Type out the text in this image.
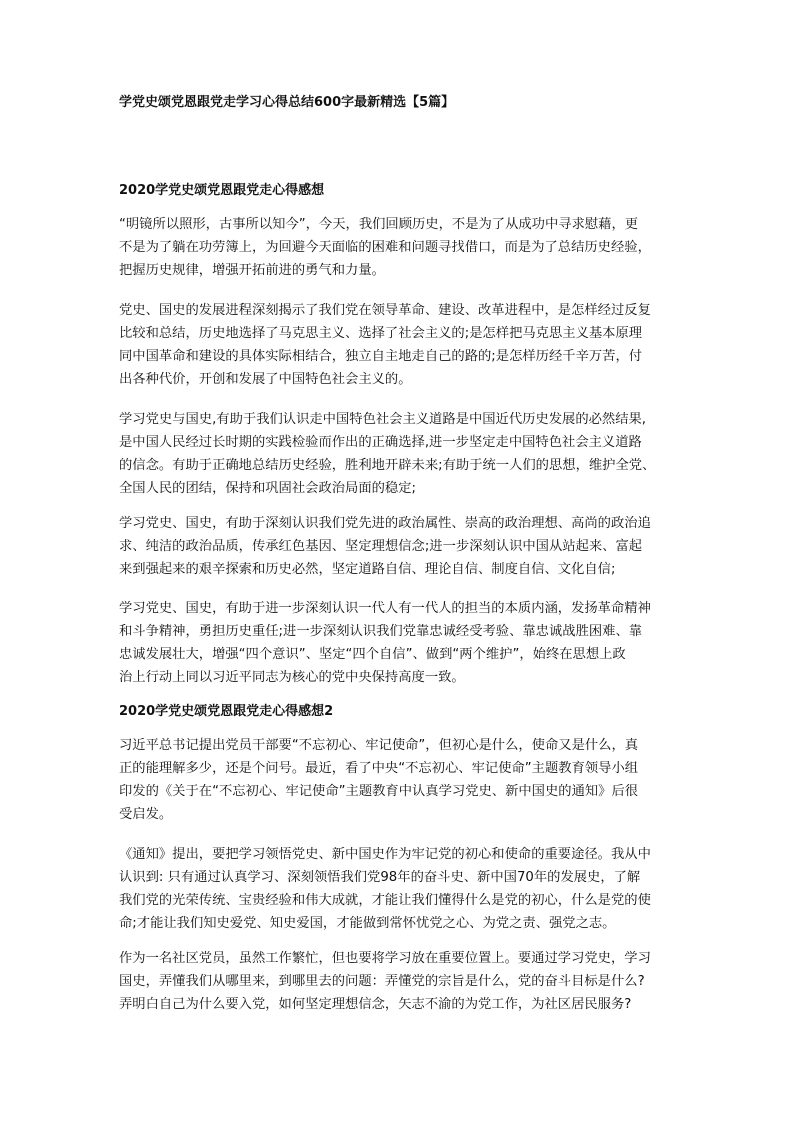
学党史颂党恩跟党走学习心得总结600字最新精选【5篇】
2020学党史颂党恩跟党走心得感想
“明镜所以照形，古事所以知今”，今天，我们回顾历史，不是为了从成功中寻求慰藉，更
不是为了躺在功劳簿上，为回避今天面临的困难和问题寻找借口，而是为了总结历史经验，
把握历史规律，增强开拓前进的勇气和力量。
党史、国史的发展进程深刻揭示了我们党在领导革命、建设、改革进程中，是怎样经过反复
比较和总结，历史地选择了马克思主义、选择了社会主义的;是怎样把马克思主义基本原理
同中国革命和建设的具体实际相结合，独立自主地走自己的路的;是怎样历经千辛万苦，付
出各种代价，开创和发展了中国特色社会主义的。
学习党史与国史,有助于我们认识走中国特色社会主义道路是中国近代历史发展的必然结果,
是中国人民经过长时期的实践检验而作出的正确选择,进一步坚定走中国特色社会主义道路
的信念。有助于正确地总结历史经验，胜利地开辟未来;有助于统一人们的思想，维护全党、
全国人民的团结，保持和巩固社会政治局面的稳定;
学习党史、国史，有助于深刻认识我们党先进的政治属性、崇高的政治理想、高尚的政治追
求、纯洁的政治品质，传承红色基因、坚定理想信念;进一步深刻认识中国从站起来、富起
来到强起来的艰辛探索和历史必然，坚定道路自信、理论自信、制度自信、文化自信;
学习党史、国史，有助于进一步深刻认识一代人有一代人的担当的本质内涵，发扬革命精神
和斗争精神，勇担历史重任;进一步深刻认识我们党靠忠诚经受考验、靠忠诚战胜困难、靠
忠诚发展壮大，增强“四个意识”、坚定“四个自信”、做到“两个维护”，始终在思想上政
治上行动上同以习近平同志为核心的党中央保持高度一致。
2020学党史颂党恩跟党走心得感想2
习近平总书记提出党员干部要“不忘初心、牢记使命”，但初心是什么，使命又是什么，真
正的能理解多少，还是个问号。最近，看了中央“不忘初心、牢记使命”主题教育领导小组
印发的《关于在“不忘初心、牢记使命”主题教育中认真学习党史、新中国史的通知》后很
受启发。
《通知》提出，要把学习领悟党史、新中国史作为牢记党的初心和使命的重要途径。我从中
认识到: 只有通过认真学习、深刻领悟我们党98年的奋斗史、新中国70年的发展史，了解
我们党的光荣传统、宝贵经验和伟大成就，才能让我们懂得什么是党的初心，什么是党的使
命;才能让我们知史爱党、知史爱国，才能做到常怀忧党之心、为党之责、强党之志。
作为一名社区党员，虽然工作繁忙，但也要将学习放在重要位置上。要通过学习党史，学习
国史，弄懂我们从哪里来，到哪里去的问题：弄懂党的宗旨是什么，党的奋斗目标是什么?
弄明白自己为什么要入党，如何坚定理想信念，矢志不渝的为党工作，为社区居民服务?
